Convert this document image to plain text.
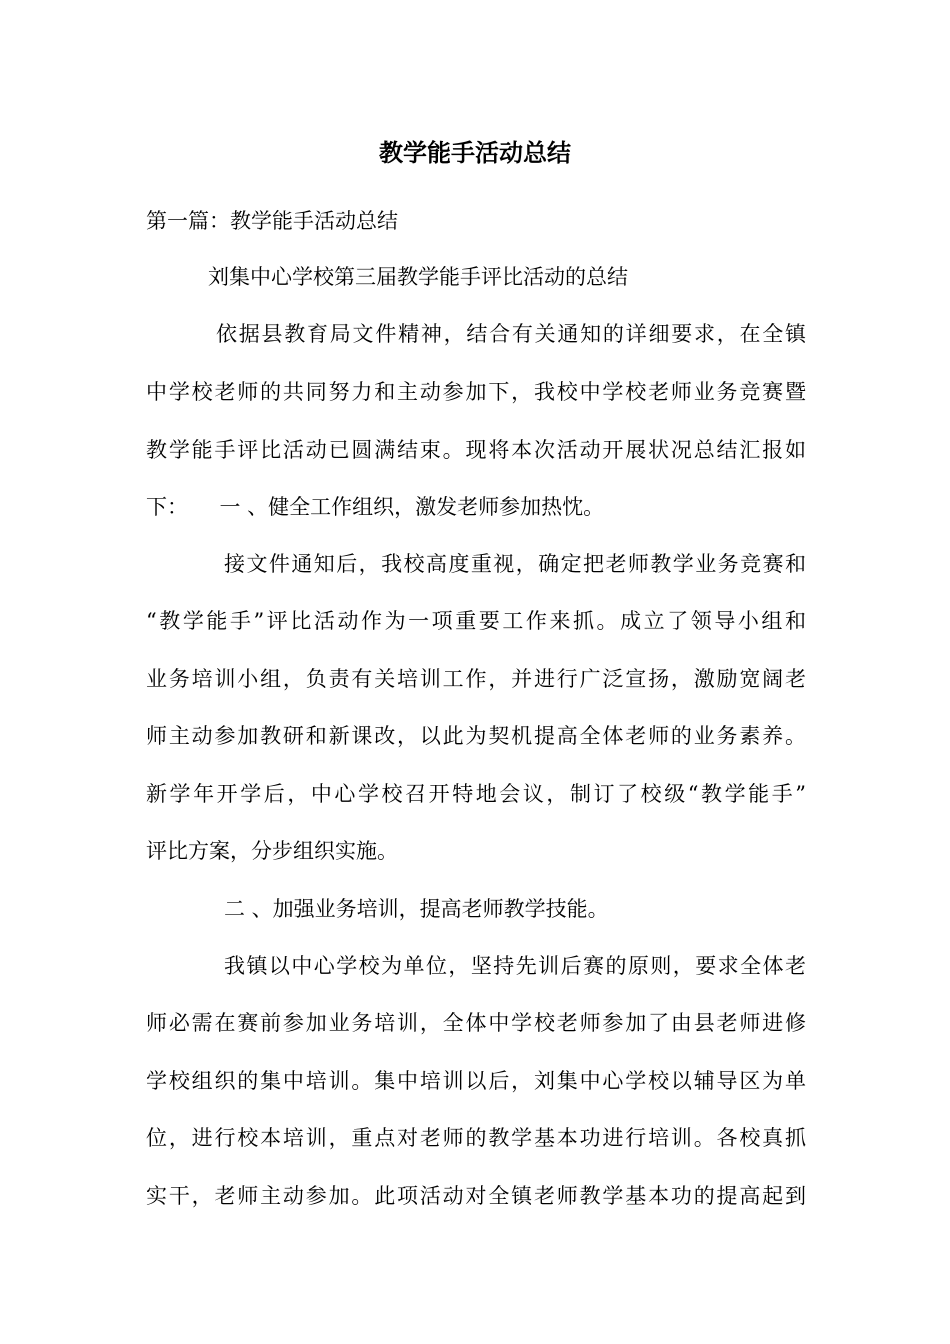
教学能手活动总结
第一篇：教学能手活动总结
刘集中心学校第三届教学能手评比活动的总结
依据县教育局文件精神，结合有关通知的详细要求，在全镇
中学校老师的共同努力和主动参加下，我校中学校老师业务竞赛暨
教学能手评比活动已圆满结束。现将本次活动开展状况总结汇报如
下：　　一 、健全工作组织，激发老师参加热忱。
接文件通知后，我校高度重视，确定把老师教学业务竞赛和
“教学能手”评比活动作为一项重要工作来抓。成立了领导小组和
业务培训小组，负责有关培训工作，并进行广泛宣扬，激励宽阔老
师主动参加教研和新课改，以此为契机提高全体老师的业务素养。
新学年开学后，中心学校召开特地会议，制订了校级“教学能手”
评比方案，分步组织实施。
二 、加强业务培训，提高老师教学技能。
我镇以中心学校为单位，坚持先训后赛的原则，要求全体老
师必需在赛前参加业务培训，全体中学校老师参加了由县老师进修
学校组织的集中培训。集中培训以后，刘集中心学校以辅导区为单
位，进行校本培训，重点对老师的教学基本功进行培训。各校真抓
实干，老师主动参加。此项活动对全镇老师教学基本功的提高起到
